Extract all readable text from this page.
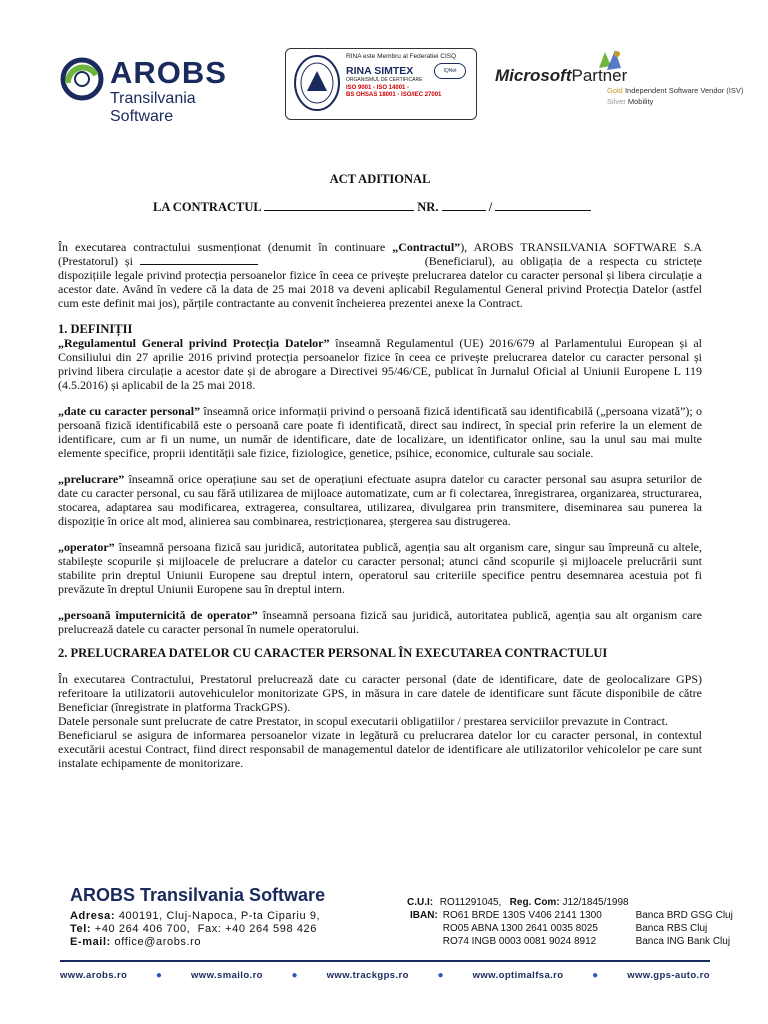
AROBS
Transilvania Software
RINA este Membru al Federatiei CISQ
RINA SIMTEX
ORGANISMUL DE CERTIFICARE
ISO 9001 - ISO 14001 -
BS OHSAS 18001 - ISO/IEC 27001
IQNet	MicrosoftPartner
Gold Independent Software Vendor (ISV)
Silver Mobility
ACT ADITIONAL
LA CONTRACTUL	NR.	/

În executarea contractului susmenționat (denumit în continuare „Contractul”), AROBS TRANSILVANIA SOFTWARE S.A (Prestatorul) și	(Beneficiarul), au obligația de a respecta cu strictețe dispozițiile legale privind protecția persoanelor fizice în ceea ce privește prelucrarea datelor cu caracter personal și libera circulație a acestor date. Având în vedere că la data de 25 mai 2018 va deveni aplicabil Regulamentul General privind Protecția Datelor (astfel cum este definit mai jos), părțile contractante au convenit încheierea prezentei anexe la Contract.

1. DEFINIȚII

„Regulamentul General privind Protecția Datelor” înseamnă Regulamentul (UE) 2016/679 al Parlamentului European și al Consiliului din 27 aprilie 2016 privind protecția persoanelor fizice în ceea ce privește prelucrarea datelor cu caracter personal și privind libera circulație a acestor date și de abrogare a Directivei 95/46/CE, publicat în Jurnalul Oficial al Uniunii Europene L 119 (4.5.2016) și aplicabil de la 25 mai 2018.

„date cu caracter personal” înseamnă orice informații privind o persoană fizică identificată sau identificabilă („persoana vizată”); o persoană fizică identificabilă este o persoană care poate fi identificată, direct sau indirect, în special prin referire la un element de identificare, cum ar fi un nume, un număr de identificare, date de localizare, un identificator online, sau la unul sau mai multe elemente specifice, proprii identității sale fizice, fiziologice, genetice, psihice, economice, culturale sau sociale.

„prelucrare” înseamnă orice operațiune sau set de operațiuni efectuate asupra datelor cu caracter personal sau asupra seturilor de date cu caracter personal, cu sau fără utilizarea de mijloace automatizate, cum ar fi colectarea, înregistrarea, organizarea, structurarea, stocarea, adaptarea sau modificarea, extragerea, consultarea, utilizarea, divulgarea prin transmitere, diseminarea sau punerea la dispoziție în orice alt mod, alinierea sau combinarea, restricționarea, ștergerea sau distrugerea.

„operator” înseamnă persoana fizică sau juridică, autoritatea publică, agenția sau alt organism care, singur sau împreună cu altele, stabilește scopurile și mijloacele de prelucrare a datelor cu caracter personal; atunci când scopurile și mijloacele prelucrării sunt stabilite prin dreptul Uniunii Europene sau dreptul intern, operatorul sau criteriile specifice pentru desemnarea acestuia pot fi prevăzute în dreptul Uniunii Europene sau în dreptul intern.

„persoană împuternicită de operator” înseamnă persoana fizică sau juridică, autoritatea publică, agenția sau alt organism care prelucrează datele cu caracter personal în numele operatorului.

2. PRELUCRAREA DATELOR CU CARACTER PERSONAL ÎN EXECUTAREA CONTRACTULUI

În executarea Contractului, Prestatorul prelucrează date cu caracter personal (date de identificare, date de geolocalizare GPS) referitoare la utilizatorii autovehiculelor monitorizate GPS, in măsura in care datele de identificare sunt făcute disponibile de către Beneficiar (înregistrate in platforma TrackGPS).

Datele personale sunt prelucrate de catre Prestator, in scopul executarii obligatiilor / prestarea serviciilor prevazute in Contract.

Beneficiarul se asigura de informarea persoanelor vizate in legătură cu prelucrarea datelor lor cu caracter personal, in contextul executării acestui Contract, fiind direct responsabil de managementul datelor de identificare ale utilizatorilor vehicolelor pe care sunt instalate echipamente de monitorizare.

AROBS Transilvania Software
Adresa: 400191, Cluj-Napoca, P-ta Cipariu 9,
Tel: +40 264 406 700, Fax: +40 264 598 426
E-mail: office@arobs.ro
C.U.I: RO11291045, Reg. Com: J12/1845/1998
IBAN: RO61 BRDE 130S V406 2141 1300	Banca BRD GSG Cluj
RO05 ABNA 1300 2641 0035 8025	Banca RBS Cluj
RO74 INGB 0003 0081 9024 8912	Banca ING Bank Cluj
www.arobs.ro	●	www.smailo.ro	●	www.trackgps.ro	●	www.optimalfsa.ro	●	www.gps-auto.ro
